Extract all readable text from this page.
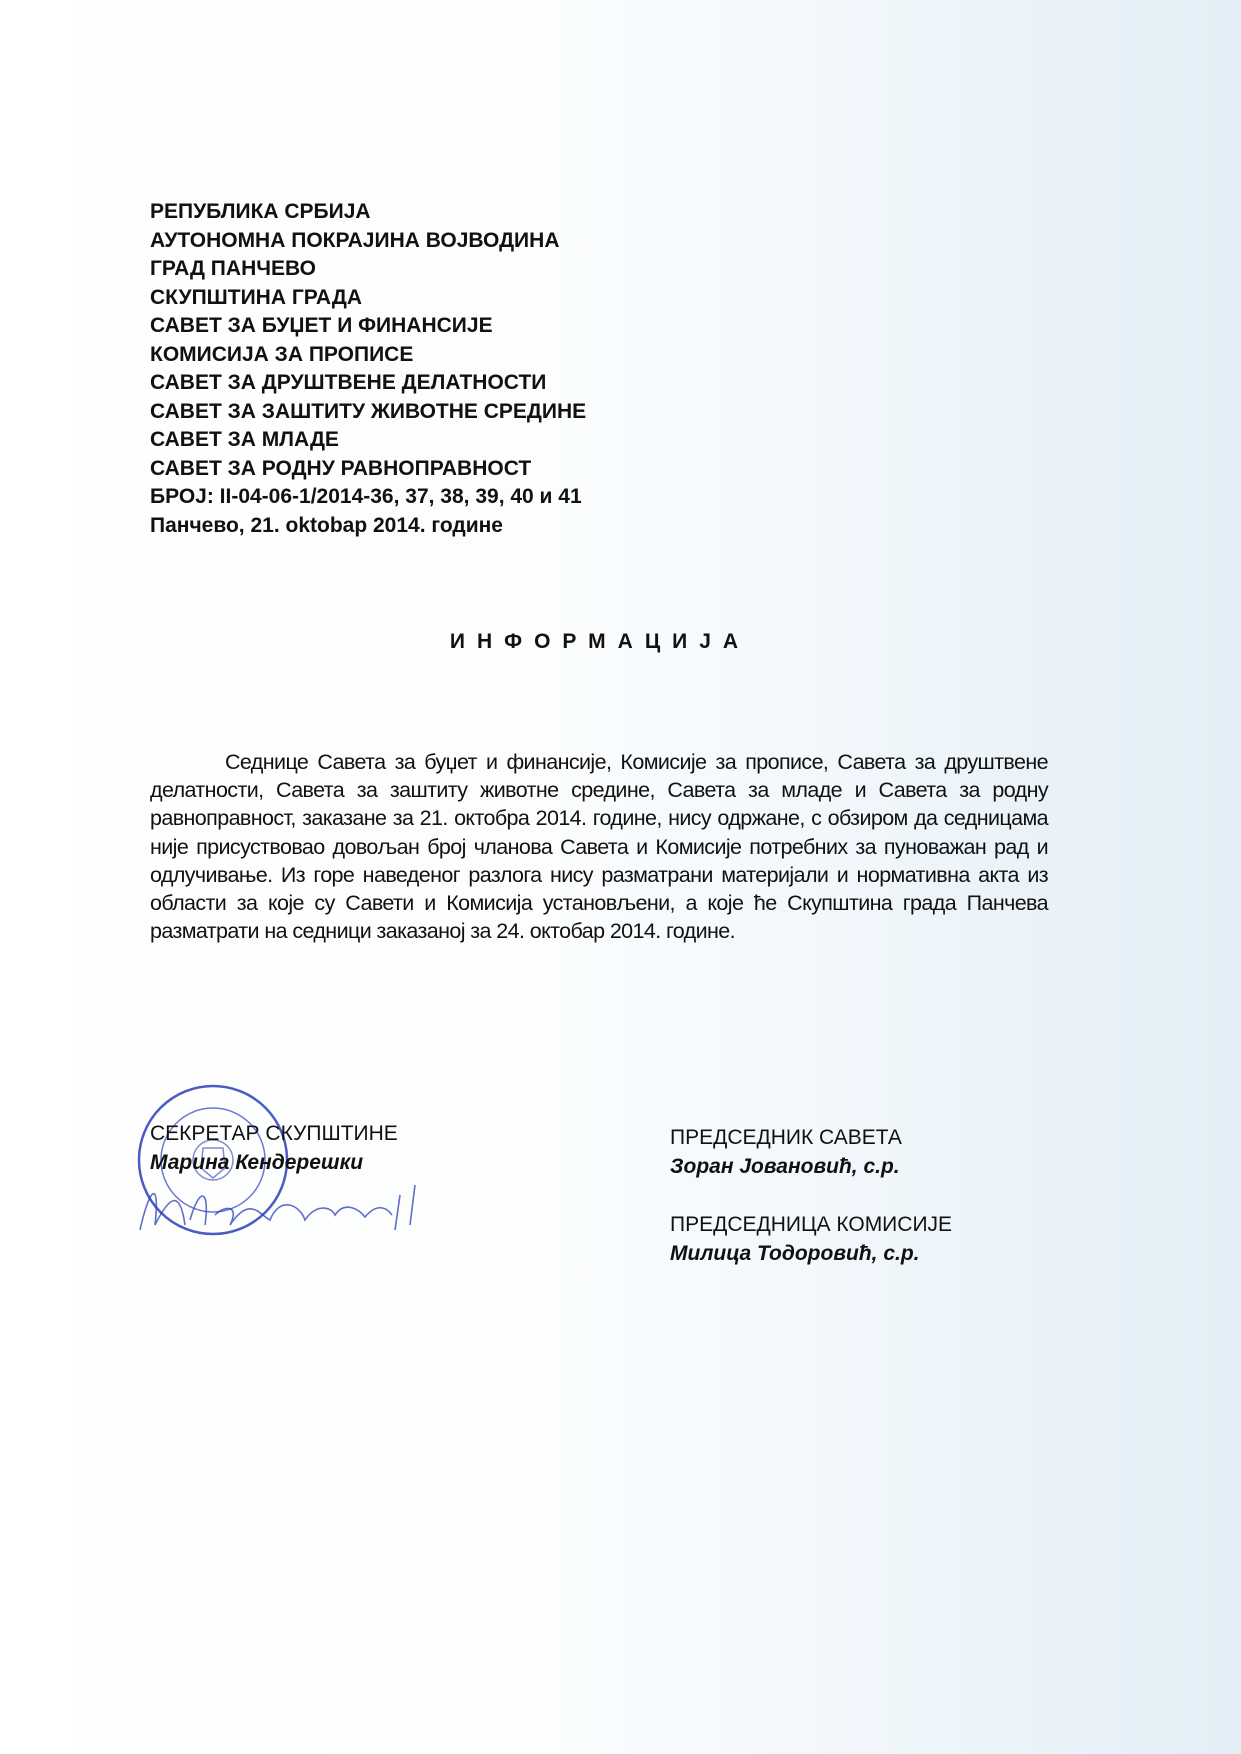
РЕПУБЛИКА СРБИЈА
АУТОНОМНА ПОКРАЈИНА ВОЈВОДИНА
ГРАД ПАНЧЕВО
СКУПШТИНА ГРАДА
САВЕТ ЗА БУЏЕТ И ФИНАНСИЈЕ
КОМИСИЈА ЗА ПРОПИСЕ
САВЕТ ЗА ДРУШТВЕНЕ ДЕЛАТНОСТИ
САВЕТ ЗА ЗАШТИТУ ЖИВОТНЕ СРЕДИНЕ
САВЕТ ЗА МЛАДЕ
САВЕТ ЗА РОДНУ РАВНОПРАВНОСТ
БРОЈ: II-04-06-1/2014-36, 37, 38, 39, 40 и 41
Панчево, 21. oktobар 2014. године
ИНФОРМАЦИЈА

Седнице Савета за буџет и финансије, Комисије за прописе, Савета за друштвене делатности, Савета за заштиту животне средине, Савета за младе и Савета за родну равноправност, заказане за 21. октобра 2014. године, нису одржане, с обзиром да седницама није присуствовао довољан број чланова Савета и Комисије потребних за пуноважан рад и одлучивање. Из горе наведеног разлога нису разматрани материјали и нормативна акта из области за које су Савети и Комисија установљени, а које ће Скупштина града Панчева разматрати на седници заказаној за 24. октобар 2014. године.

СЕКРЕТАР СКУПШТИНЕ
Марина Кендерешки
ПРЕДСЕДНИК САВЕТА
Зоран Јовановић, с.р.
ПРЕДСЕДНИЦА КОМИСИЈЕ
Милица Тодоровић, с.р.
